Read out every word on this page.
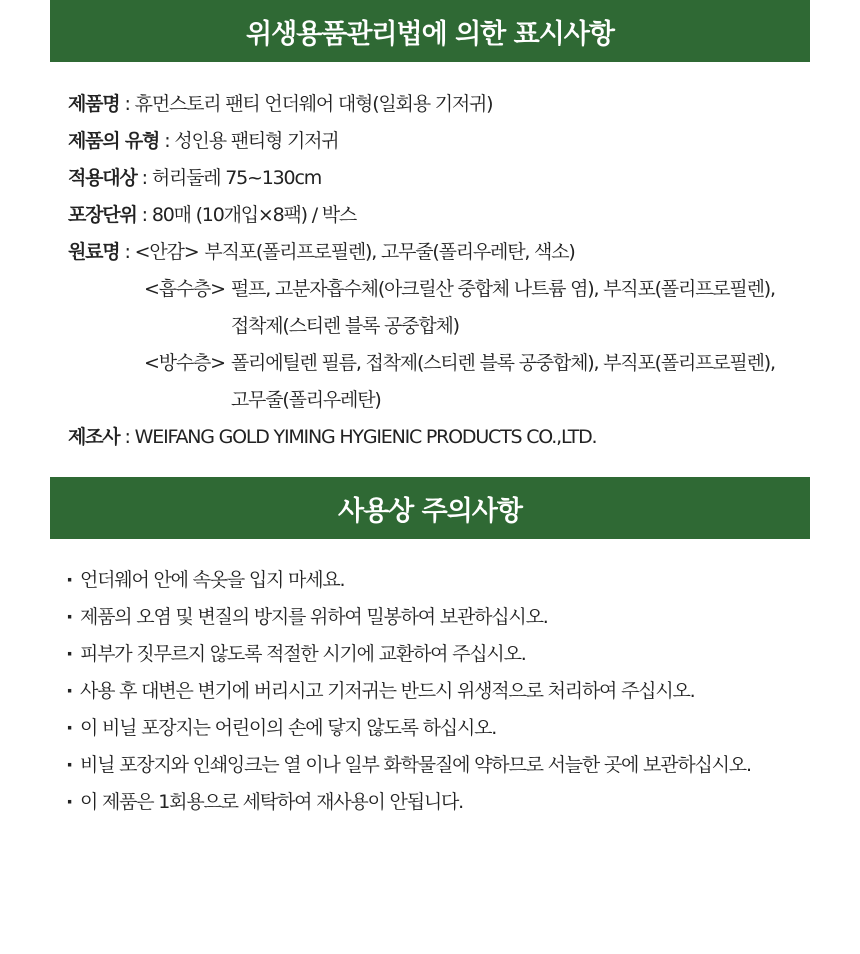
위생용품관리법에 의한 표시사항
제품명 : 휴먼스토리 팬티 언더웨어 대형(일회용 기저귀)
제품의 유형 : 성인용 팬티형 기저귀
적용대상 : 허리둘레 75~130cm
포장단위 : 80매 (10개입×8팩) / 박스
원료명 : <안감> 부직포(폴리프로필렌), 고무줄(폴리우레탄, 색소)
<흡수층> 펄프, 고분자흡수체(아크릴산 중합체 나트륨 염), 부직포(폴리프로필렌),접착제(스티렌 블록 공중합체)
<방수층> 폴리에틸렌 필름, 접착제(스티렌 블록 공중합체), 부직포(폴리프로필렌), 고무줄(폴리우레탄)
제조사 : WEIFANG GOLD YIMING HYGIENIC PRODUCTS CO.,LTD.
사용상 주의사항
· 언더웨어 안에 속옷을 입지 마세요.
· 제품의 오염 및 변질의 방지를 위하여 밀봉하여 보관하십시오.
· 피부가 짓무르지 않도록 적절한 시기에 교환하여 주십시오.
· 사용 후 대변은 변기에 버리시고 기저귀는 반드시 위생적으로 처리하여 주십시오.
· 이 비닐 포장지는 어린이의 손에 닿지 않도록 하십시오.
· 비닐 포장지와 인쇄잉크는 열 이나 일부 화학물질에 약하므로 서늘한 곳에 보관하십시오.
· 이 제품은 1회용으로 세탁하여 재사용이 안됩니다.
